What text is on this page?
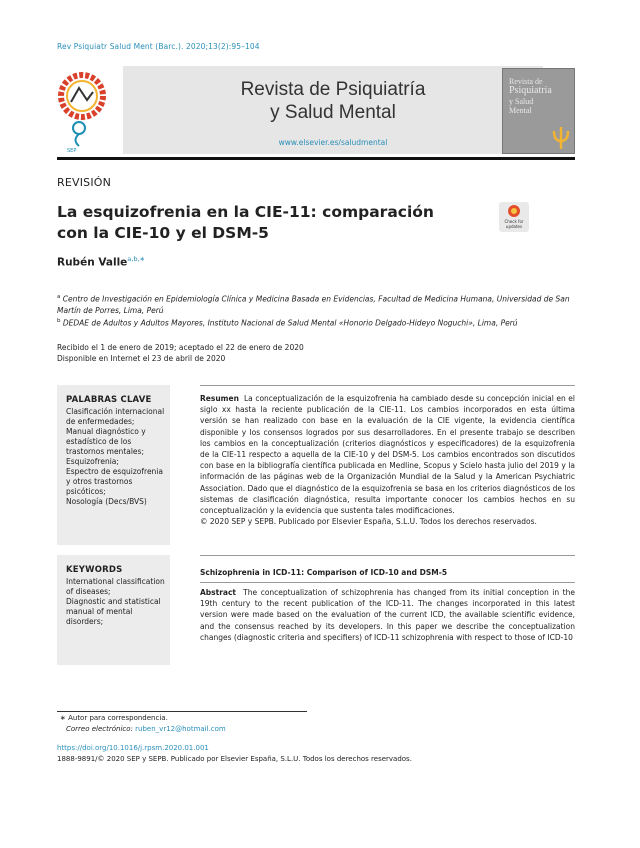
Rev Psiquiatr Salud Ment (Barc.). 2020;13(2):95–104
SEP
Revista de Psiquiatría
y Salud Mental
www.elsevier.es/saludmental
Revista de
Psiquiatría
y Salud
Mental
REVISIÓN
La esquizofrenia en la CIE-11: comparación
con la CIE-10 y el DSM-5
Check for updates
Rubén Valle$^{a,b,∗}$
$^a$ Centro de Investigación en Epidemiología Clínica y Medicina Basada en Evidencias, Facultad de Medicina Humana, Universidad de San Martín de Porres, Lima, Perú
$^b$ DEDAE de Adultos y Adultos Mayores, Instituto Nacional de Salud Mental «Honorio Delgado-Hideyo Noguchi», Lima, Perú
Recibido el 1 de enero de 2019; aceptado el 22 de enero de 2020
Disponible en Internet el 23 de abril de 2020
PALABRAS CLAVE
Clasificación internacional de enfermedades;
Manual diagnóstico y estadístico de los trastornos mentales;
Esquizofrenia;
Espectro de esquizofrenia y otros trastornos psicóticos;
Nosología (Decs/BVS)
Resumen La conceptualización de la esquizofrenia ha cambiado desde su concepción inicial en el siglo xx hasta la reciente publicación de la CIE-11. Los cambios incorporados en esta última versión se han realizado con base en la evaluación de la CIE vigente, la evidencia científica disponible y los consensos logrados por sus desarrolladores. En el presente trabajo se describen los cambios en la conceptualización (criterios diagnósticos y especificadores) de la esquizofrenia de la CIE-11 respecto a aquella de la CIE-10 y del DSM-5. Los cambios encontrados son discutidos con base en la bibliografía científica publicada en Medline, Scopus y Scielo hasta julio del 2019 y la información de las páginas web de la Organización Mundial de la Salud y la American Psychiatric Association. Dado que el diagnóstico de la esquizofrenia se basa en los criterios diagnósticos de los sistemas de clasificación diagnóstica, resulta importante conocer los cambios hechos en su conceptualización y la evidencia que sustenta tales modificaciones.
© 2020 SEP y SEPB. Publicado por Elsevier España, S.L.U. Todos los derechos reservados.
KEYWORDS
International classification of diseases;
Diagnostic and statistical manual of mental disorders;
Schizophrenia in ICD-11: Comparison of ICD-10 and DSM-5
Abstract The conceptualization of schizophrenia has changed from its initial conception in the 19th century to the recent publication of the ICD-11. The changes incorporated in this latest version were made based on the evaluation of the current ICD, the available scientific evidence, and the consensus reached by its developers. In this paper we describe the conceptualization changes (diagnostic criteria and specifiers) of ICD-11 schizophrenia with respect to those of ICD-10
∗ Autor para correspondencia.
Correo electrónico: ruben_vr12@hotmail.com
https://doi.org/10.1016/j.rpsm.2020.01.001
1888-9891/© 2020 SEP y SEPB. Publicado por Elsevier España, S.L.U. Todos los derechos reservados.
